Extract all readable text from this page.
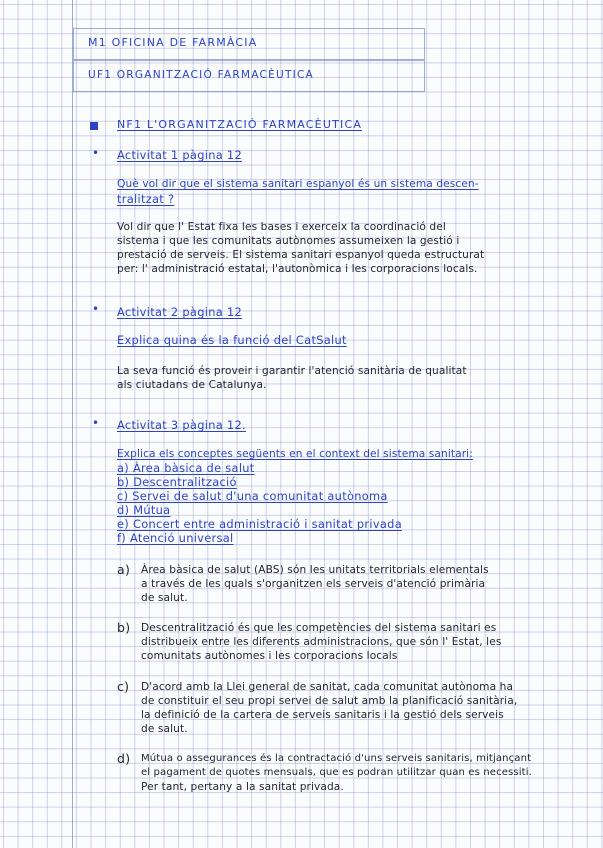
M1 OFICINA DE FARMÀCIA
UF1 ORGANITZACIÓ FARMACÈUTICA
NF1 L'ORGANITZACIÓ FARMACÈUTICA
• Activitat 1 pàgina 12
Què vol dir que el sistema sanitari espanyol és un sistema descen-
tralitzat ?
Vol dir que l' Estat fixa les bases i exerceix la coordinació del
sistema i que les comunitats autònomes assumeixen la gestió i
prestació de serveis. El sistema sanitari espanyol queda estructurat
per: l' administració estatal, l'autonòmica i les corporacions locals.
• Activitat 2 pàgina 12
Explica quina és la funció del CatSalut
La seva funció és proveir i garantir l'atenció sanitària de qualitat
als ciutadans de Catalunya.
• Activitat 3 pàgina 12.
Explica els conceptes següents en el context del sistema sanitari:
a) Àrea bàsica de salut
b) Descentralització
c) Servei de salut d'una comunitat autònoma
d) Mútua
e) Concert entre administració i sanitat privada
f) Atenció universal
a) Àrea bàsica de salut (ABS) són les unitats territorials elementals
a través de les quals s'organitzen els serveis d'atenció primària
de salut.
b) Descentralització és que les competències del sistema sanitari es
distribueix entre les diferents administracions, que són l' Estat, les
comunitats autònomes i les corporacions locals
c) D'acord amb la Llei general de sanitat, cada comunitat autònoma ha
de constituir el seu propi servei de salut amb la planificació sanitària,
la definició de la cartera de serveis sanitaris i la gestió dels serveis
de salut.
d) Mútua o assegurances és la contractació d'uns serveis sanitaris, mitjançant
el pagament de quotes mensuals, que es podran utilitzar quan es necessiti.
Per tant, pertany a la sanitat privada.
